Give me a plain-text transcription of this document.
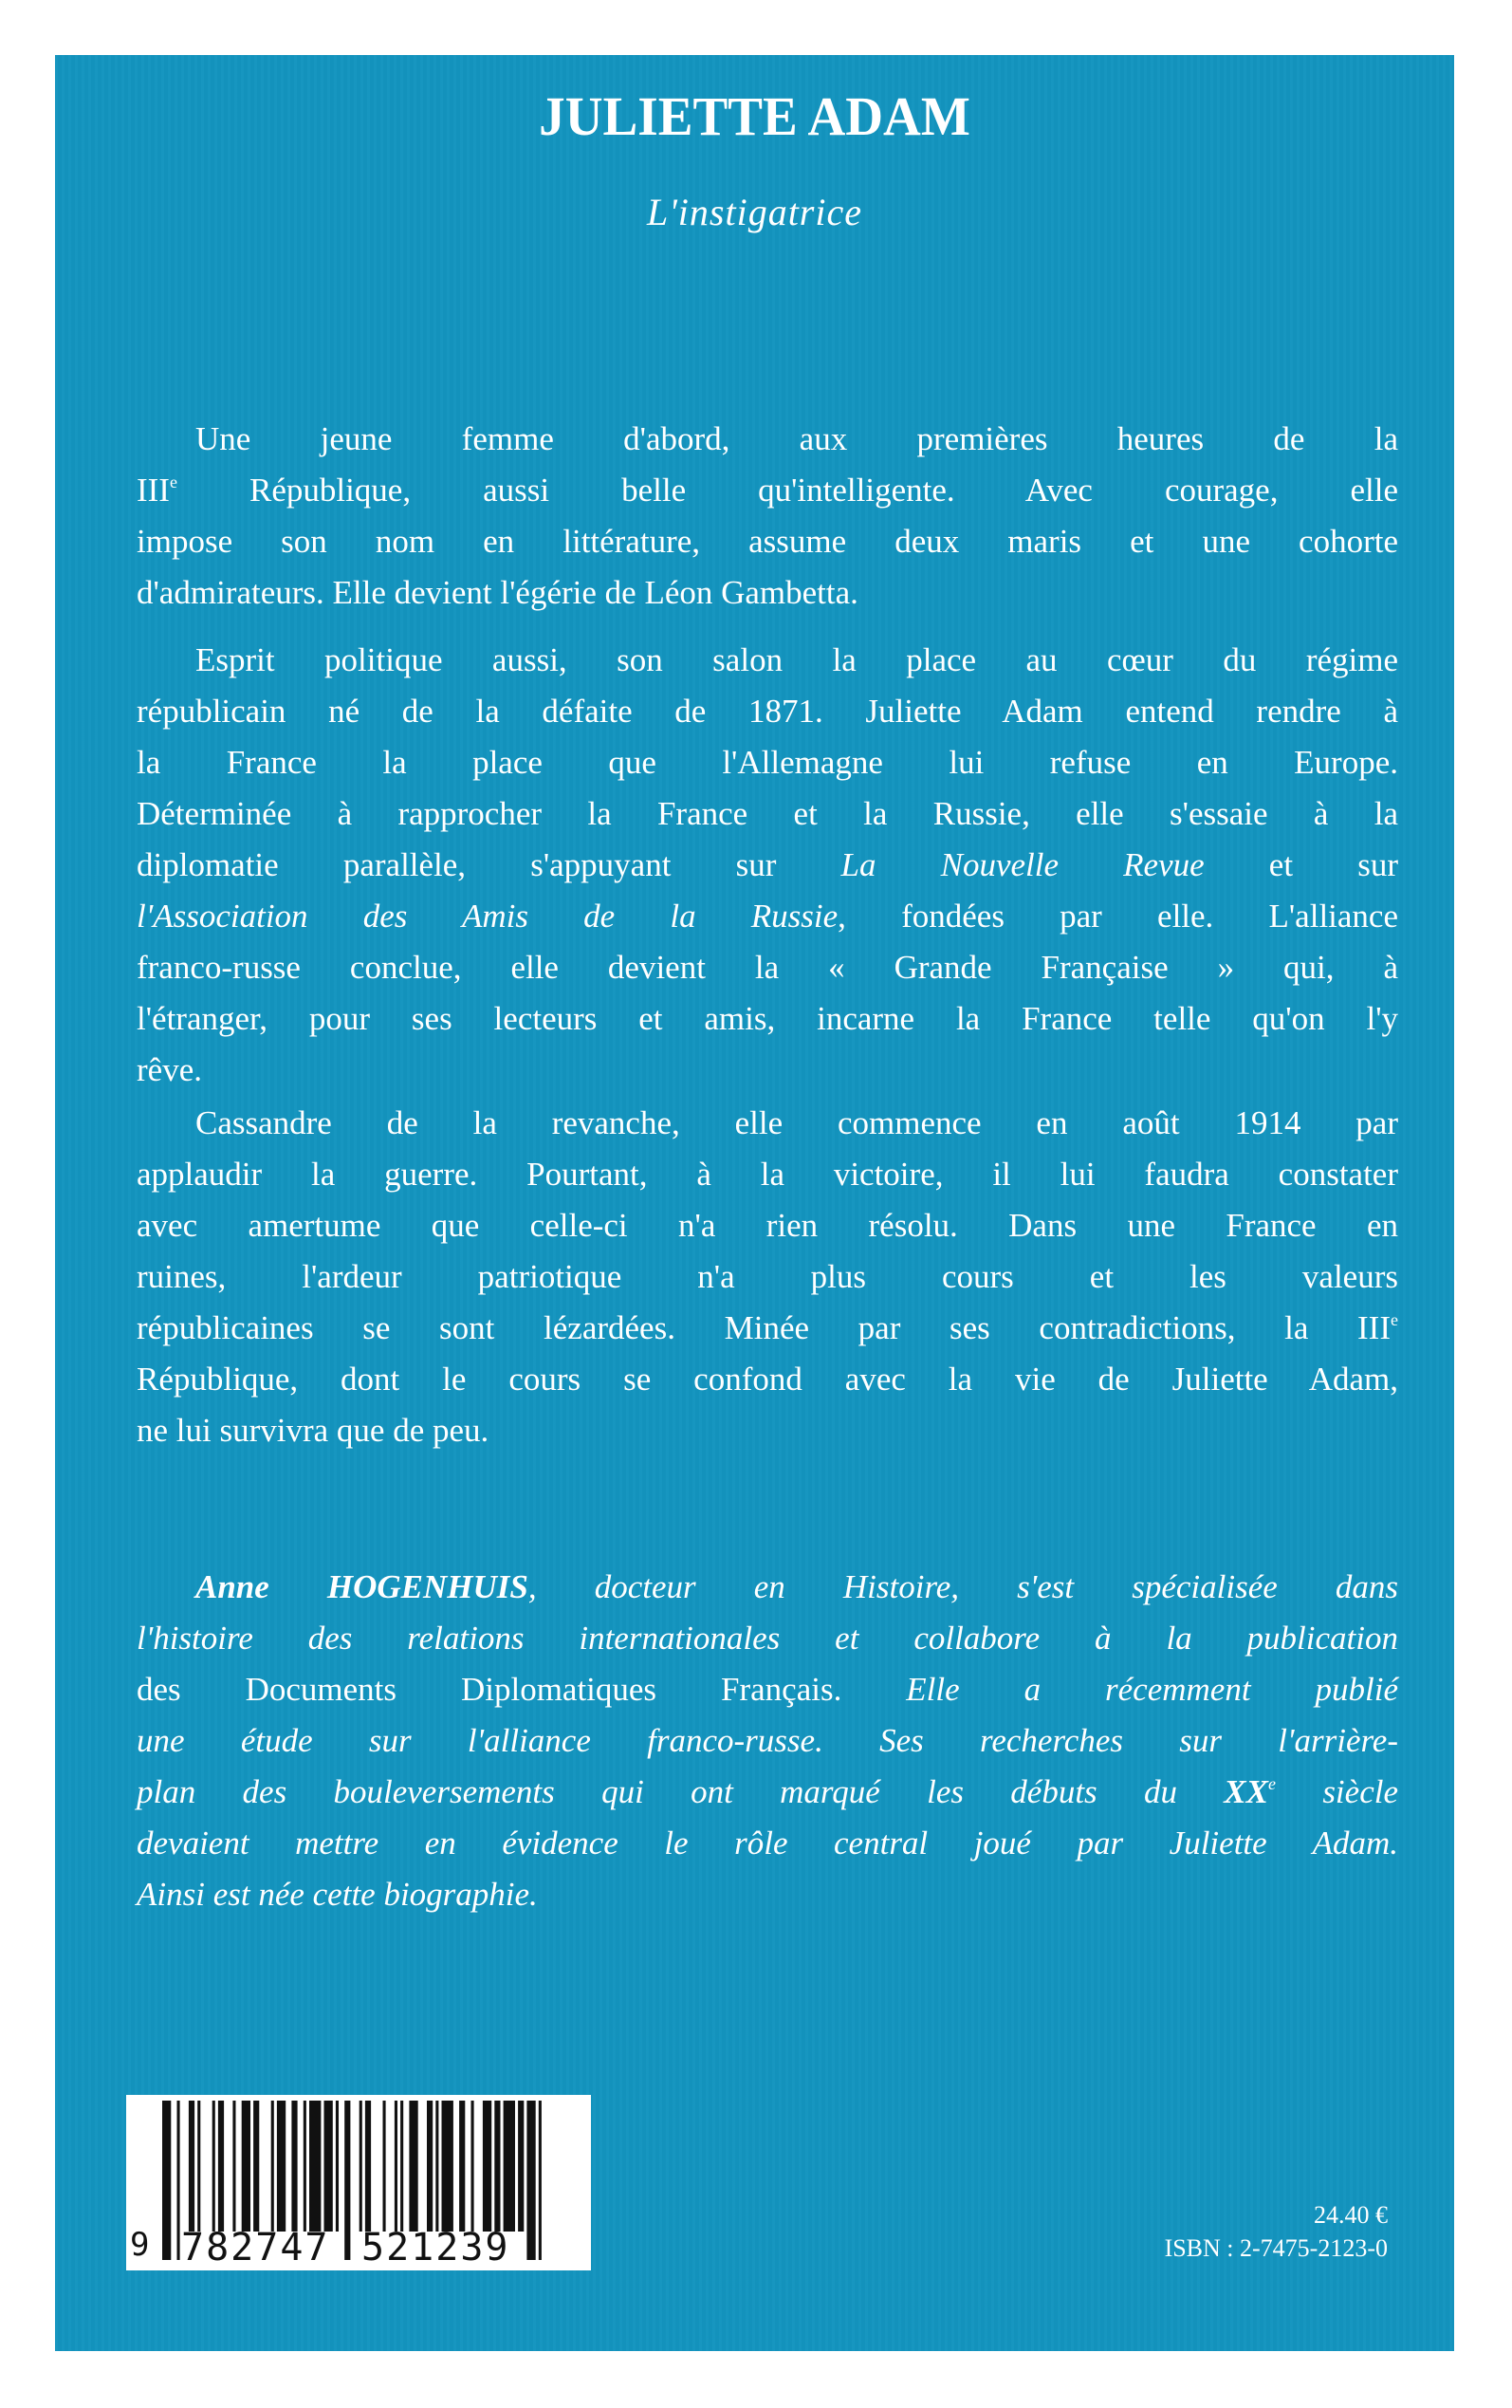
JULIETTE ADAM
L'instigatrice
Une jeune femme d'abord, aux premières heures de la
IIIe République, aussi belle qu'intelligente. Avec courage, elle
impose son nom en littérature, assume deux maris et une cohorte
d'admirateurs. Elle devient l'égérie de Léon Gambetta.
Esprit politique aussi, son salon la place au cœur du régime
républicain né de la défaite de 1871. Juliette Adam entend rendre à
la France la place que l'Allemagne lui refuse en Europe.
Déterminée à rapprocher la France et la Russie, elle s'essaie à la
diplomatie parallèle, s'appuyant sur La Nouvelle Revue et sur
l'Association des Amis de la Russie, fondées par elle. L'alliance
franco-russe conclue, elle devient la « Grande Française » qui, à
l'étranger, pour ses lecteurs et amis, incarne la France telle qu'on l'y
rêve.
Cassandre de la revanche, elle commence en août 1914 par
applaudir la guerre. Pourtant, à la victoire, il lui faudra constater
avec amertume que celle-ci n'a rien résolu. Dans une France en
ruines, l'ardeur patriotique n'a plus cours et les valeurs
républicaines se sont lézardées. Minée par ses contradictions, la IIIe
République, dont le cours se confond avec la vie de Juliette Adam,
ne lui survivra que de peu.
Anne HOGENHUIS, docteur en Histoire, s'est spécialisée dans
l'histoire des relations internationales et collabore à la publication
des Documents Diplomatiques Français. Elle a récemment publié
une étude sur l'alliance franco-russe. Ses recherches sur l'arrière-
plan des bouleversements qui ont marqué les débuts du XXe siècle
devaient mettre en évidence le rôle central joué par Juliette Adam.
Ainsi est née cette biographie.
9 782747 521239
24.40 €
ISBN : 2-7475-2123-0
